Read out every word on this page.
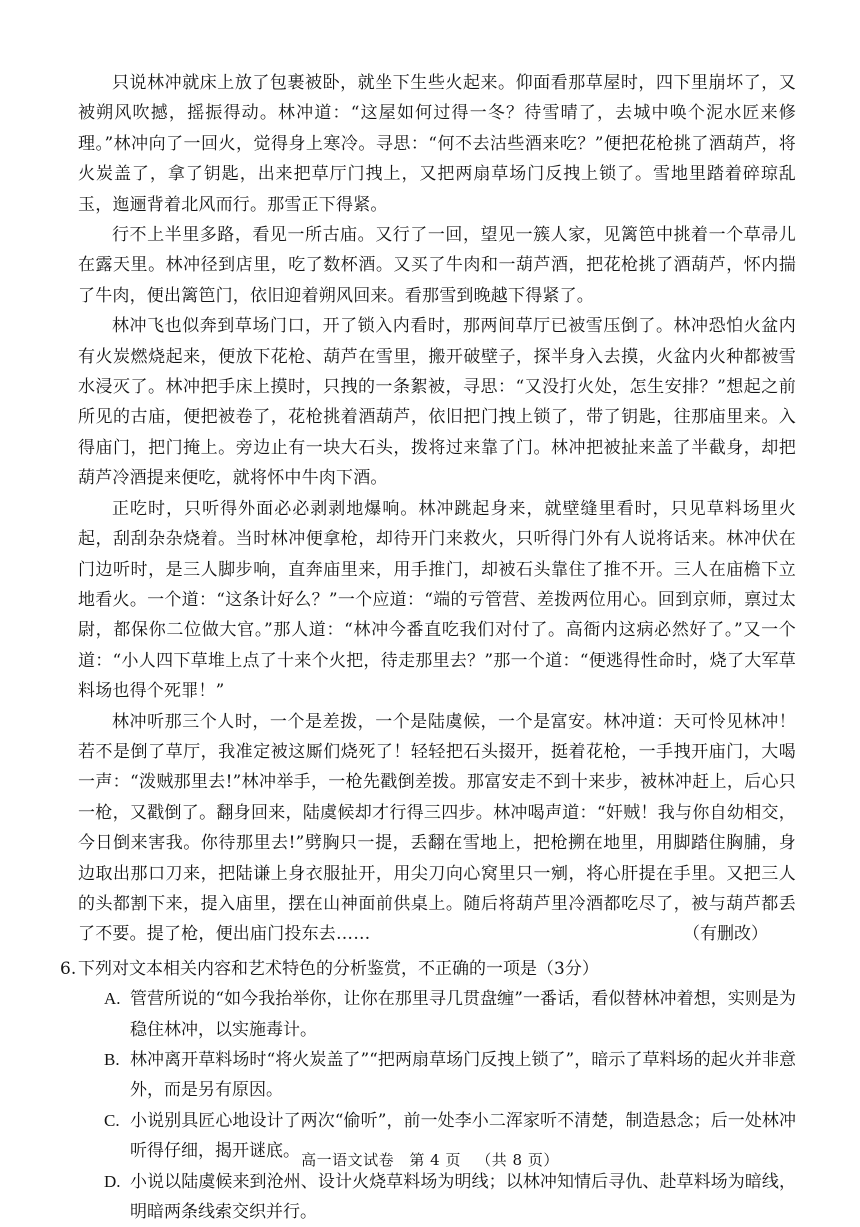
只说林冲就床上放了包裹被卧，就坐下生些火起来。仰面看那草屋时，四下里崩坏了，又被朔风吹撼，摇振得动。林冲道：“这屋如何过得一冬？待雪晴了，去城中唤个泥水匠来修理。”林冲向了一回火，觉得身上寒冷。寻思：“何不去沽些酒来吃？”便把花枪挑了酒葫芦，将火炭盖了，拿了钥匙，出来把草厅门拽上，又把两扇草场门反拽上锁了。雪地里踏着碎琼乱玉，迤逦背着北风而行。那雪正下得紧。

行不上半里多路，看见一所古庙。又行了一回，望见一簇人家，见篱笆中挑着一个草帚儿在露天里。林冲径到店里，吃了数杯酒。又买了牛肉和一葫芦酒，把花枪挑了酒葫芦，怀内揣了牛肉，便出篱笆门，依旧迎着朔风回来。看那雪到晚越下得紧了。

林冲飞也似奔到草场门口，开了锁入内看时，那两间草厅已被雪压倒了。林冲恐怕火盆内有火炭燃烧起来，便放下花枪、葫芦在雪里，搬开破壁子，探半身入去摸，火盆内火种都被雪水浸灭了。林冲把手床上摸时，只拽的一条絮被，寻思：“又没打火处，怎生安排？”想起之前所见的古庙，便把被卷了，花枪挑着酒葫芦，依旧把门拽上锁了，带了钥匙，往那庙里来。入得庙门，把门掩上。旁边止有一块大石头，拨将过来靠了门。林冲把被扯来盖了半截身，却把葫芦冷酒提来便吃，就将怀中牛肉下酒。

正吃时，只听得外面必必剥剥地爆响。林冲跳起身来，就壁缝里看时，只见草料场里火起，刮刮杂杂烧着。当时林冲便拿枪，却待开门来救火，只听得门外有人说将话来。林冲伏在门边听时，是三人脚步响，直奔庙里来，用手推门，却被石头靠住了推不开。三人在庙檐下立地看火。一个道：“这条计好么？”一个应道：“端的亏管营、差拨两位用心。回到京师，禀过太尉，都保你二位做大官。”那人道：“林冲今番直吃我们对付了。高衙内这病必然好了。”又一个道：“小人四下草堆上点了十来个火把，待走那里去？”那一个道：“便逃得性命时，烧了大军草料场也得个死罪！”

林冲听那三个人时，一个是差拨，一个是陆虞候，一个是富安。林冲道：天可怜见林冲！若不是倒了草厅，我准定被这厮们烧死了！轻轻把石头掇开，挺着花枪，一手拽开庙门，大喝一声：“泼贼那里去!”林冲举手，一枪先戳倒差拨。那富安走不到十来步，被林冲赶上，后心只一枪，又戳倒了。翻身回来，陆虞候却才行得三四步。林冲喝声道：“奸贼！我与你自幼相交，今日倒来害我。你待那里去!”劈胸只一提，丢翻在雪地上，把枪搠在地里，用脚踏住胸脯，身边取出那口刀来，把陆谦上身衣服扯开，用尖刀向心窝里只一剜，将心肝提在手里。又把三人的头都割下来，提入庙里，摆在山神面前供桌上。随后将葫芦里冷酒都吃尽了，被与葫芦都丢了不要。提了枪，便出庙门投东去……	（有删改）

6. 下列对文本相关内容和艺术特色的分析鉴赏，不正确的一项是（3分）

A. 管营所说的“如今我抬举你，让你在那里寻几贯盘缠”一番话，看似替林冲着想，实则是为稳住林冲，以实施毒计。
B. 林冲离开草料场时“将火炭盖了”“把两扇草场门反拽上锁了”，暗示了草料场的起火并非意外，而是另有原因。
C. 小说别具匠心地设计了两次“偷听”，前一处李小二浑家听不清楚，制造悬念；后一处林冲听得仔细，揭开谜底。
D. 小说以陆虞候来到沧州、设计火烧草料场为明线；以林冲知情后寻仇、赴草料场为暗线，明暗两条线索交织并行。
高一语文试卷 第 4 页 （共 8 页）
